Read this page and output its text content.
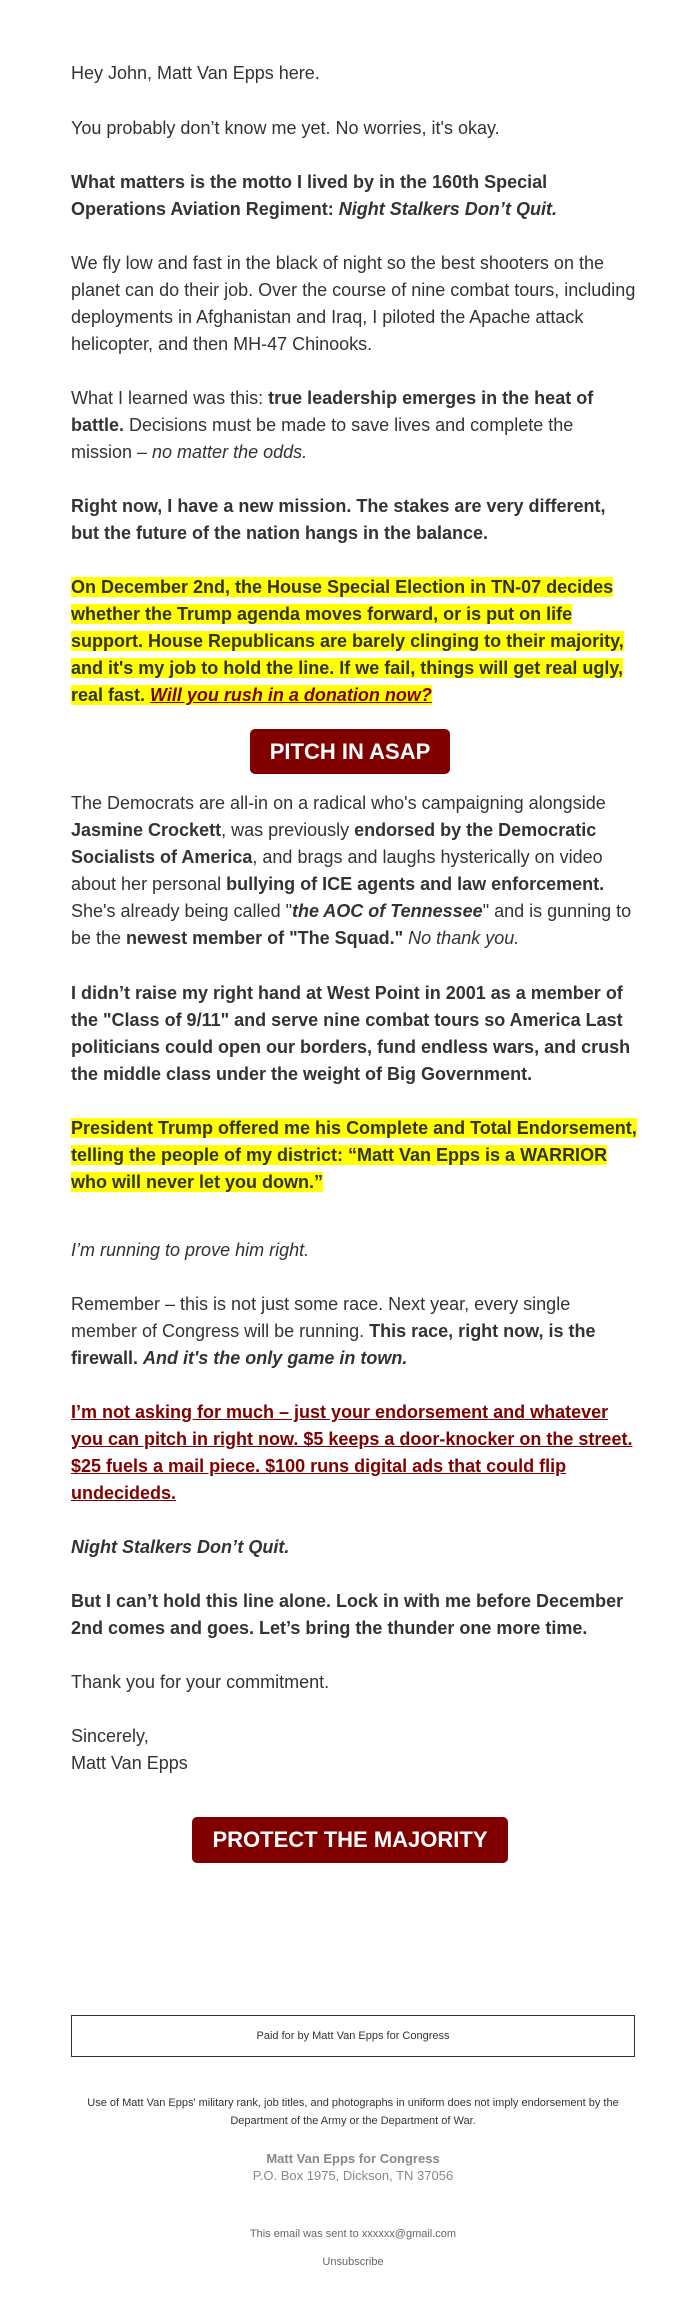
Hey John, Matt Van Epps here.

You probably don’t know me yet. No worries, it's okay.

What matters is the motto I lived by in the 160th Special Operations Aviation Regiment: Night Stalkers Don’t Quit.

We fly low and fast in the black of night so the best shooters on the planet can do their job. Over the course of nine combat tours, including deployments in Afghanistan and Iraq, I piloted the Apache attack helicopter, and then MH-47 Chinooks.

What I learned was this: true leadership emerges in the heat of battle. Decisions must be made to save lives and complete the mission – no matter the odds.

Right now, I have a new mission. The stakes are very different, but the future of the nation hangs in the balance.

On December 2nd, the House Special Election in TN-07 decides whether the Trump agenda moves forward, or is put on life support. House Republicans are barely clinging to their majority, and it's my job to hold the line. If we fail, things will get real ugly, real fast. Will you rush in a donation now?

PITCH IN ASAP

The Democrats are all-in on a radical who's campaigning alongside Jasmine Crockett, was previously endorsed by the Democratic Socialists of America, and brags and laughs hysterically on video about her personal bullying of ICE agents and law enforcement. She's already being called "the AOC of Tennessee" and is gunning to be the newest member of "The Squad." No thank you.

I didn’t raise my right hand at West Point in 2001 as a member of the "Class of 9/11" and serve nine combat tours so America Last politicians could open our borders, fund endless wars, and crush the middle class under the weight of Big Government.

President Trump offered me his Complete and Total Endorsement, telling the people of my district: “Matt Van Epps is a WARRIOR who will never let you down.”

I’m running to prove him right.

Remember – this is not just some race. Next year, every single member of Congress will be running. This race, right now, is the firewall. And it's the only game in town.

I’m not asking for much – just your endorsement and whatever you can pitch in right now. $5 keeps a door-knocker on the street. $25 fuels a mail piece. $100 runs digital ads that could flip undecideds.

Night Stalkers Don’t Quit.

But I can’t hold this line alone. Lock in with me before December 2nd comes and goes. Let’s bring the thunder one more time.

Thank you for your commitment.

Sincerely,

Matt Van Epps

PROTECT THE MAJORITY
Paid for by Matt Van Epps for Congress
Use of Matt Van Epps' military rank, job titles, and photographs in uniform does not imply endorsement by the Department of the Army or the Department of War.
Matt Van Epps for Congress
P.O. Box 1975, Dickson, TN 37056
This email was sent to xxxxxx@gmail.com
Unsubscribe
